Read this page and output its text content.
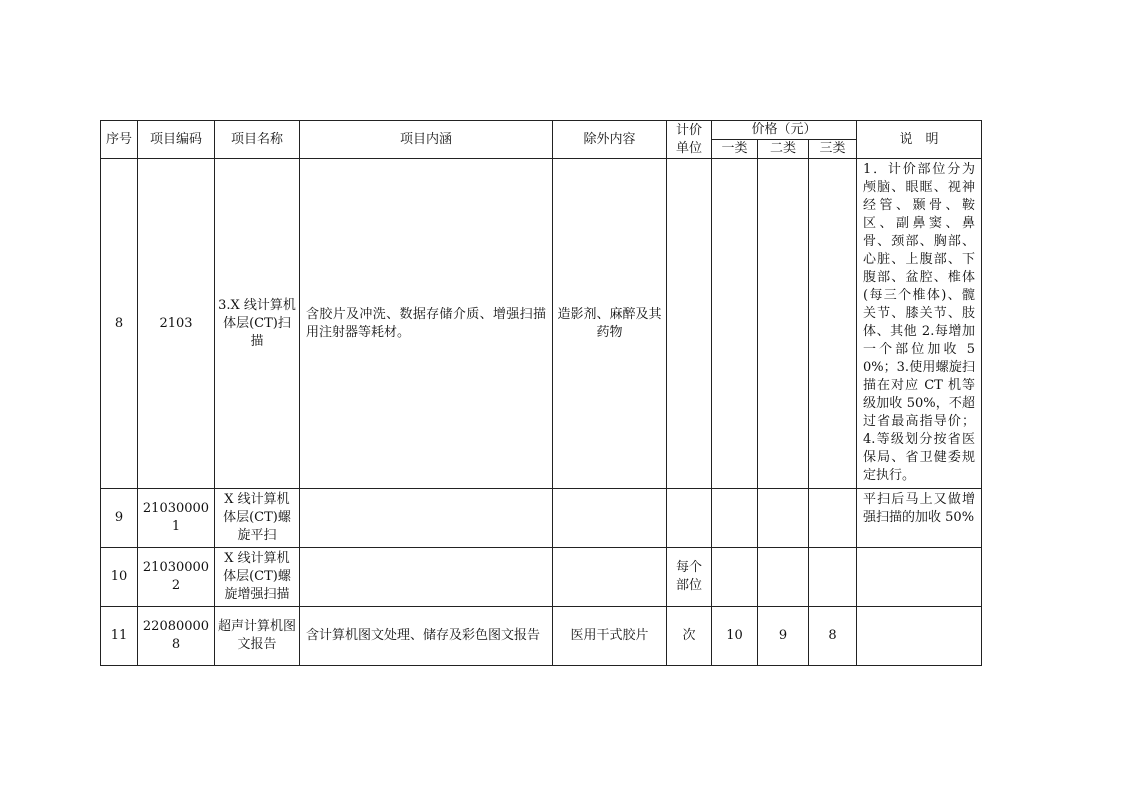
序号	项目编码	项目名称	项目内涵	除外内容	计价单位	价格（元）			说　明
						一类	二类	三类	
8	2103	3.X 线计算机体层(CT)扫描	含胶片及冲洗、数据存储介质、增强扫描用注射器等耗材。	造影剂、麻醉及其药物					1．计价部位分为颅脑、眼眶、视神经管、颞骨、鞍区、副鼻窦、鼻骨、颈部、胸部、心脏、上腹部、下腹部、盆腔、椎体(每三个椎体)、髋关节、膝关节、肢体、其他 2.每增加一个部位加收 50%；3.使用螺旋扫描在对应 CT 机等级加收 50%，不超过省最高指导价；4.等级划分按省医保局、省卫健委规定执行。
9	210300001	X 线计算机体层(CT)螺旋平扫							平扫后马上又做增强扫描的加收 50%
10	210300002	X 线计算机体层(CT)螺旋增强扫描			每个部位				
11	220800008	超声计算机图文报告	含计算机图文处理、储存及彩色图文报告	医用干式胶片	次	10	9	8	
